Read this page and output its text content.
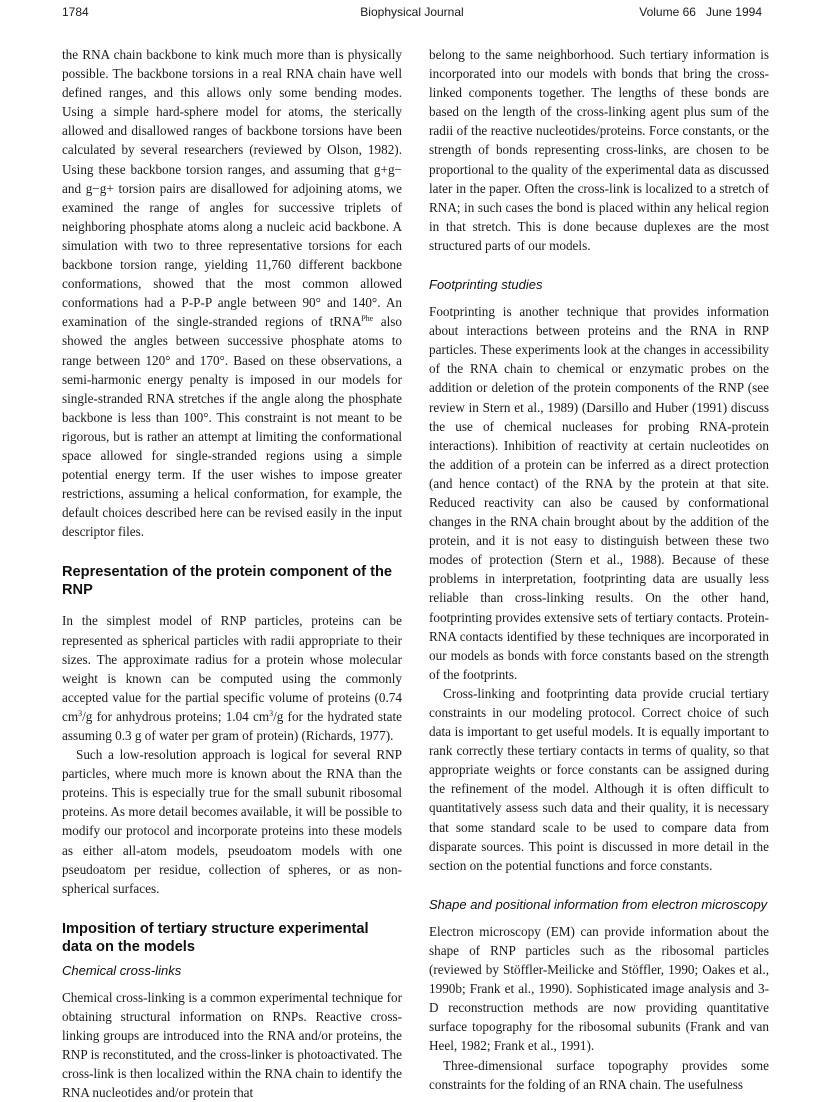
1784	Biophysical Journal	Volume 66   June 1994

the RNA chain backbone to kink much more than is physically possible. The backbone torsions in a real RNA chain have well defined ranges, and this allows only some bending modes. Using a simple hard-sphere model for atoms, the sterically allowed and disallowed ranges of backbone torsions have been calculated by several researchers (reviewed by Olson, 1982). Using these backbone torsion ranges, and assuming that g+g− and g−g+ torsion pairs are disallowed for adjoining atoms, we examined the range of angles for successive triplets of neighboring phosphate atoms along a nucleic acid backbone. A simulation with two to three representative torsions for each backbone torsion range, yielding 11,760 different backbone conformations, showed that the most common allowed conformations had a P-P-P angle between 90° and 140°. An examination of the single-stranded regions of tRNA$^{Phe}$ also showed the angles between successive phosphate atoms to range between 120° and 170°. Based on these observations, a semi-harmonic energy penalty is imposed in our models for single-stranded RNA stretches if the angle along the phosphate backbone is less than 100°. This constraint is not meant to be rigorous, but is rather an attempt at limiting the conformational space allowed for single-stranded regions using a simple potential energy term. If the user wishes to impose greater restrictions, assuming a helical conformation, for example, the default choices described here can be revised easily in the input descriptor files.

Representation of the protein component of the RNP

In the simplest model of RNP particles, proteins can be represented as spherical particles with radii appropriate to their sizes. The approximate radius for a protein whose molecular weight is known can be computed using the commonly accepted value for the partial specific volume of proteins (0.74 $cm^3/g$ for anhydrous proteins; 1.04 $cm^3/g$ for the hydrated state assuming 0.3 g of water per gram of protein) (Richards, 1977).

Such a low-resolution approach is logical for several RNP particles, where much more is known about the RNA than the proteins. This is especially true for the small subunit ribosomal proteins. As more detail becomes available, it will be possible to modify our protocol and incorporate proteins into these models as either all-atom models, pseudoatom models with one pseudoatom per residue, collection of spheres, or as non-spherical surfaces.

Imposition of tertiary structure experimental data on the models
Chemical cross-links

Chemical cross-linking is a common experimental technique for obtaining structural information on RNPs. Reactive cross-linking groups are introduced into the RNA and/or proteins, the RNP is reconstituted, and the cross-linker is photoactivated. The cross-link is then localized within the RNA chain to identify the RNA nucleotides and/or protein that

belong to the same neighborhood. Such tertiary information is incorporated into our models with bonds that bring the cross-linked components together. The lengths of these bonds are based on the length of the cross-linking agent plus sum of the radii of the reactive nucleotides/proteins. Force constants, or the strength of bonds representing cross-links, are chosen to be proportional to the quality of the experimental data as discussed later in the paper. Often the cross-link is localized to a stretch of RNA; in such cases the bond is placed within any helical region in that stretch. This is done because duplexes are the most structured parts of our models.

Footprinting studies

Footprinting is another technique that provides information about interactions between proteins and the RNA in RNP particles. These experiments look at the changes in accessibility of the RNA chain to chemical or enzymatic probes on the addition or deletion of the protein components of the RNP (see review in Stern et al., 1989) (Darsillo and Huber (1991) discuss the use of chemical nucleases for probing RNA-protein interactions). Inhibition of reactivity at certain nucleotides on the addition of a protein can be inferred as a direct protection (and hence contact) of the RNA by the protein at that site. Reduced reactivity can also be caused by conformational changes in the RNA chain brought about by the addition of the protein, and it is not easy to distinguish between these two modes of protection (Stern et al., 1988). Because of these problems in interpretation, footprinting data are usually less reliable than cross-linking results. On the other hand, footprinting provides extensive sets of tertiary contacts. Protein-RNA contacts identified by these techniques are incorporated in our models as bonds with force constants based on the strength of the footprints.

Cross-linking and footprinting data provide crucial tertiary constraints in our modeling protocol. Correct choice of such data is important to get useful models. It is equally important to rank correctly these tertiary contacts in terms of quality, so that appropriate weights or force constants can be assigned during the refinement of the model. Although it is often difficult to quantitatively assess such data and their quality, it is necessary that some standard scale to be used to compare data from disparate sources. This point is discussed in more detail in the section on the potential functions and force constants.

Shape and positional information from electron microscopy

Electron microscopy (EM) can provide information about the shape of RNP particles such as the ribosomal particles (reviewed by Stöffler-Meilicke and Stöffler, 1990; Oakes et al., 1990b; Frank et al., 1990). Sophisticated image analysis and 3-D reconstruction methods are now providing quantitative surface topography for the ribosomal subunits (Frank and van Heel, 1982; Frank et al., 1991).

Three-dimensional surface topography provides some constraints for the folding of an RNA chain. The usefulness
